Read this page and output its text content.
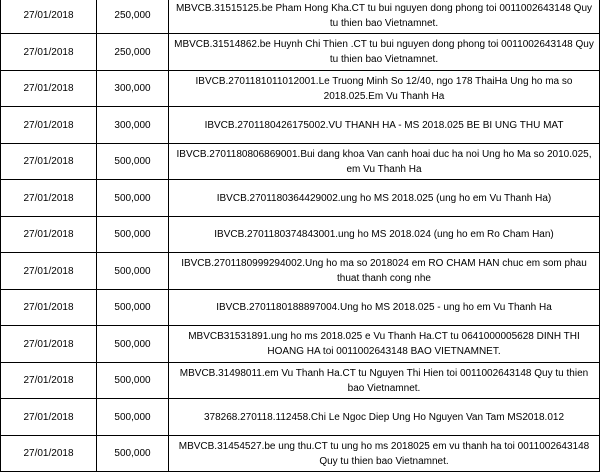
27/01/2018	250,000	MBVCB.31515125.be Pham Hong Kha.CT tu bui nguyen dong phong toi 0011002643148 Quy tu thien bao Vietnamnet.
27/01/2018	250,000	MBVCB.31514862.be Huynh Chi Thien .CT tu bui nguyen dong phong toi 0011002643148 Quy tu thien bao Vietnamnet.
27/01/2018	300,000	IBVCB.2701181011012001.Le Truong Minh So 12/40, ngo 178 ThaiHa Ung ho ma so 2018.025.Em Vu Thanh Ha
27/01/2018	300,000	IBVCB.2701180426175002.VU THANH HA - MS 2018.025 BE BI UNG THU MAT
27/01/2018	500,000	IBVCB.2701180806869001.Bui dang khoa Van canh hoai duc ha noi Ung ho Ma so 2010.025, em Vu Thanh Ha
27/01/2018	500,000	IBVCB.2701180364429002.ung ho MS 2018.025 (ung ho em Vu Thanh Ha)
27/01/2018	500,000	IBVCB.2701180374843001.ung ho MS 2018.024 (ung ho em Ro Cham Han)
27/01/2018	500,000	IBVCB.2701180999294002.Ung ho ma so 2018024 em RO CHAM HAN chuc em som phau thuat thanh cong nhe
27/01/2018	500,000	IBVCB.2701180188897004.Ung ho MS 2018.025 - ung ho em Vu Thanh Ha
27/01/2018	500,000	MBVCB31531891.ung ho ms 2018.025 e Vu Thanh Ha.CT tu 0641000005628 DINH THI HOANG HA toi 0011002643148 BAO VIETNAMNET.
27/01/2018	500,000	MBVCB.31498011.em Vu Thanh Ha.CT tu Nguyen Thi Hien toi 0011002643148 Quy tu thien bao Vietnamnet.
27/01/2018	500,000	378268.270118.112458.Chi Le Ngoc Diep Ung Ho Nguyen Van Tam MS2018.012
27/01/2018	500,000	MBVCB.31454527.be ung thu.CT tu ung ho ms 2018025 em vu thanh ha toi 0011002643148 Quy tu thien bao Vietnamnet.
